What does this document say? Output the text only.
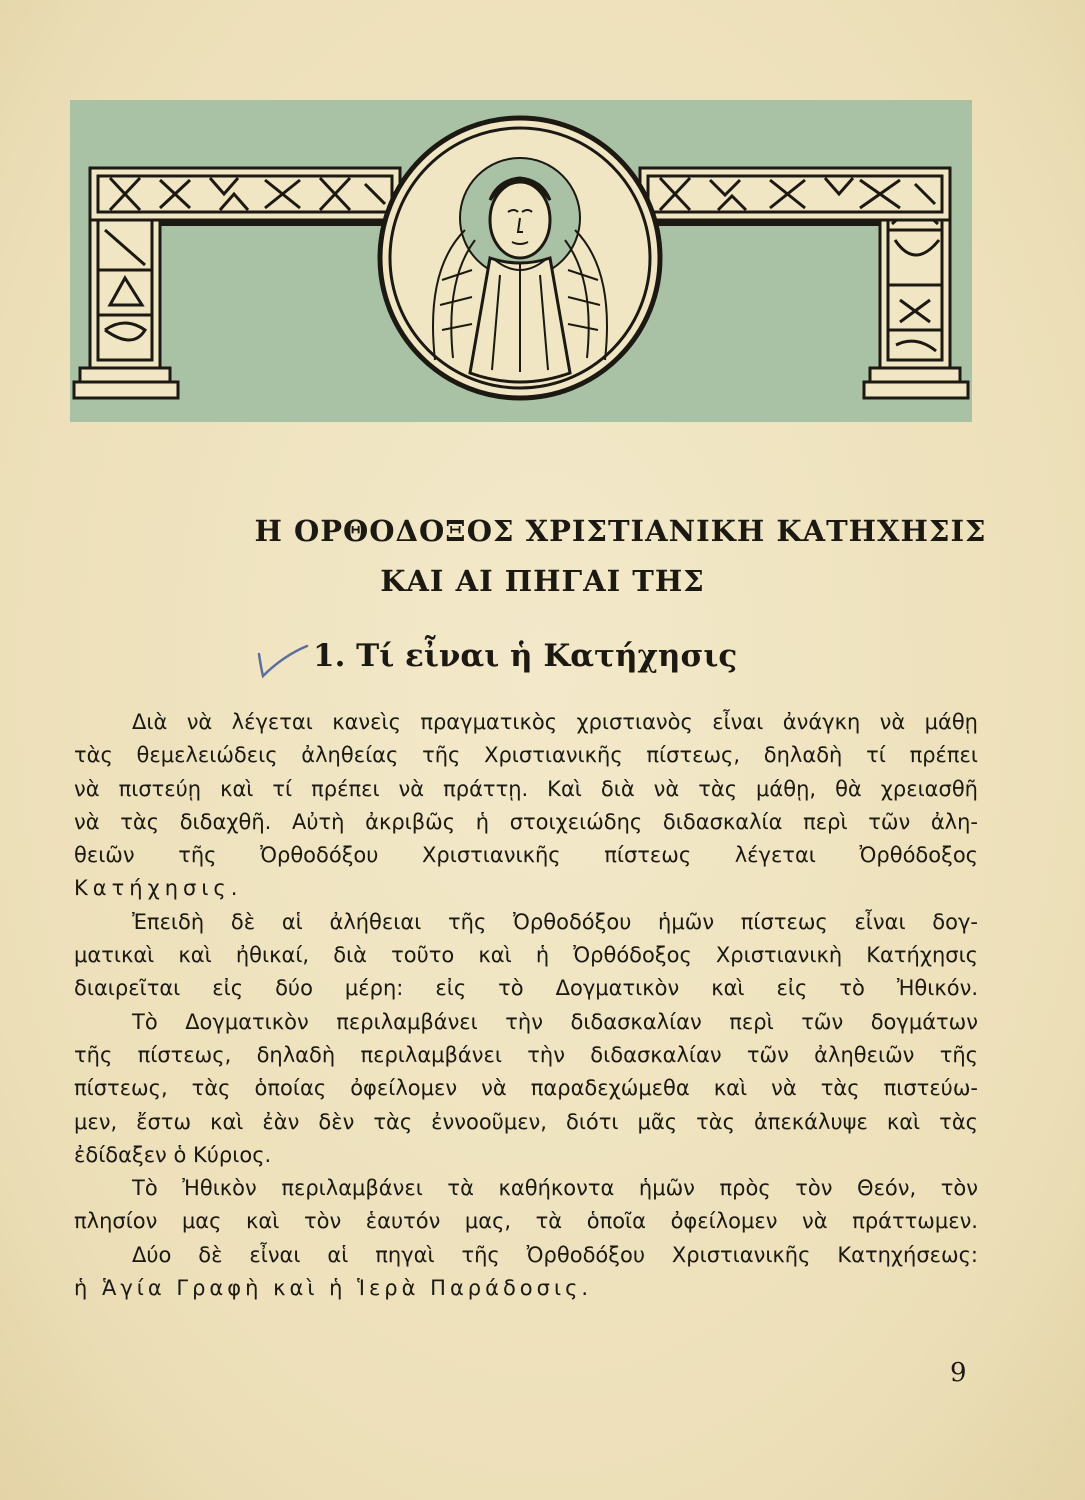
Η ΟΡΘΟΔΟΞΟΣ ΧΡΙΣΤΙΑΝΙΚΗ ΚΑΤΗΧΗΣΙΣ
ΚΑΙ ΑΙ ΠΗΓΑΙ ΤΗΣ
1. Τί εἶναι ἡ Κατήχησις
Διὰ νὰ λέγεται κανεὶς πραγματικὸς χριστιανὸς εἶναι ἀνάγκη νὰ μάθῃ
τὰς θεμελειώδεις ἀληθείας τῆς Χριστιανικῆς πίστεως, δηλαδὴ τί πρέπει
νὰ πιστεύῃ καὶ τί πρέπει νὰ πράττῃ. Καὶ διὰ νὰ τὰς μάθῃ, θὰ χρειασθῆ
νὰ τὰς διδαχθῆ. Αὐτὴ ἀκριβῶς ἡ στοιχειώδης διδασκαλία περὶ τῶν ἀλη-
θειῶν τῆς Ὀρθοδόξου Χριστιανικῆς πίστεως λέγεται Ὀρθόδοξος
Κατήχησις.
Ἐπειδὴ δὲ αἱ ἀλήθειαι τῆς Ὀρθοδόξου ἡμῶν πίστεως εἶναι δογ-
ματικαὶ καὶ ἠθικαί, διὰ τοῦτο καὶ ἡ Ὀρθόδοξος Χριστιανικὴ Κατήχησις
διαιρεῖται εἰς δύο μέρη: εἰς τὸ Δογματικὸν καὶ εἰς τὸ Ἠθικόν.
Τὸ Δογματικὸν περιλαμβάνει τὴν διδασκαλίαν περὶ τῶν δογμάτων
τῆς πίστεως, δηλαδὴ περιλαμβάνει τὴν διδασκαλίαν τῶν ἀληθειῶν τῆς
πίστεως, τὰς ὁποίας ὀφείλομεν νὰ παραδεχώμεθα καὶ νὰ τὰς πιστεύω-
μεν, ἔστω καὶ ἐὰν δὲν τὰς ἐννοοῦμεν, διότι μᾶς τὰς ἀπεκάλυψε καὶ τὰς
ἐδίδαξεν ὁ Κύριος.
Τὸ Ἠθικὸν περιλαμβάνει τὰ καθήκοντα ἡμῶν πρὸς τὸν Θεόν, τὸν
πλησίον μας καὶ τὸν ἑαυτόν μας, τὰ ὁποῖα ὀφείλομεν νὰ πράττωμεν.
Δύο δὲ εἶναι αἱ πηγαὶ τῆς Ὀρθοδόξου Χριστιανικῆς Κατηχήσεως:
ἡ Ἁγία Γραφὴ καὶ ἡ Ἱερὰ Παράδοσις.
9
